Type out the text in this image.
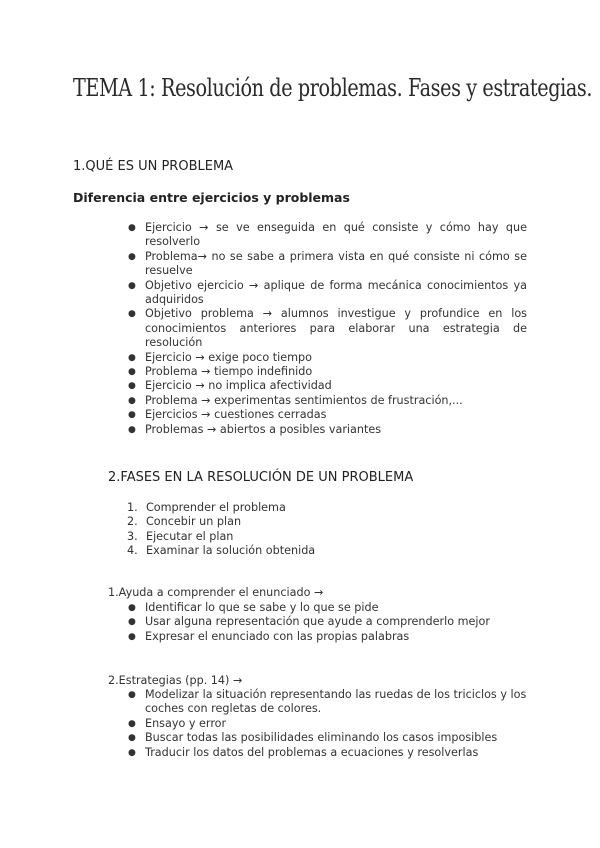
TEMA 1: Resolución de problemas. Fases y estrategias.
1.QUÉ ES UN PROBLEMA
Diferencia entre ejercicios y problemas
● Ejercicio → se ve enseguida en qué consiste y cómo hay que resolverlo
● Problema→ no se sabe a primera vista en qué consiste ni cómo se resuelve
● Objetivo ejercicio → aplique de forma mecánica conocimientos ya adquiridos
● Objetivo problema → alumnos investigue y profundice en los conocimientos anteriores para elaborar una estrategia de resolución
● Ejercicio → exige poco tiempo
● Problema → tiempo indefinido
● Ejercicio → no implica afectividad
● Problema → experimentas sentimientos de frustración,...
● Ejercicios → cuestiones cerradas
● Problemas → abiertos a posibles variantes
2.FASES EN LA RESOLUCIÓN DE UN PROBLEMA
1. Comprender el problema
2. Concebir un plan
3. Ejecutar el plan
4. Examinar la solución obtenida
1.Ayuda a comprender el enunciado →
● Identificar lo que se sabe y lo que se pide
● Usar alguna representación que ayude a comprenderlo mejor
● Expresar el enunciado con las propias palabras
2.Estrategias (pp. 14) →
● Modelizar la situación representando las ruedas de los triciclos y los coches con regletas de colores.
● Ensayo y error
● Buscar todas las posibilidades eliminando los casos imposibles
● Traducir los datos del problemas a ecuaciones y resolverlas
